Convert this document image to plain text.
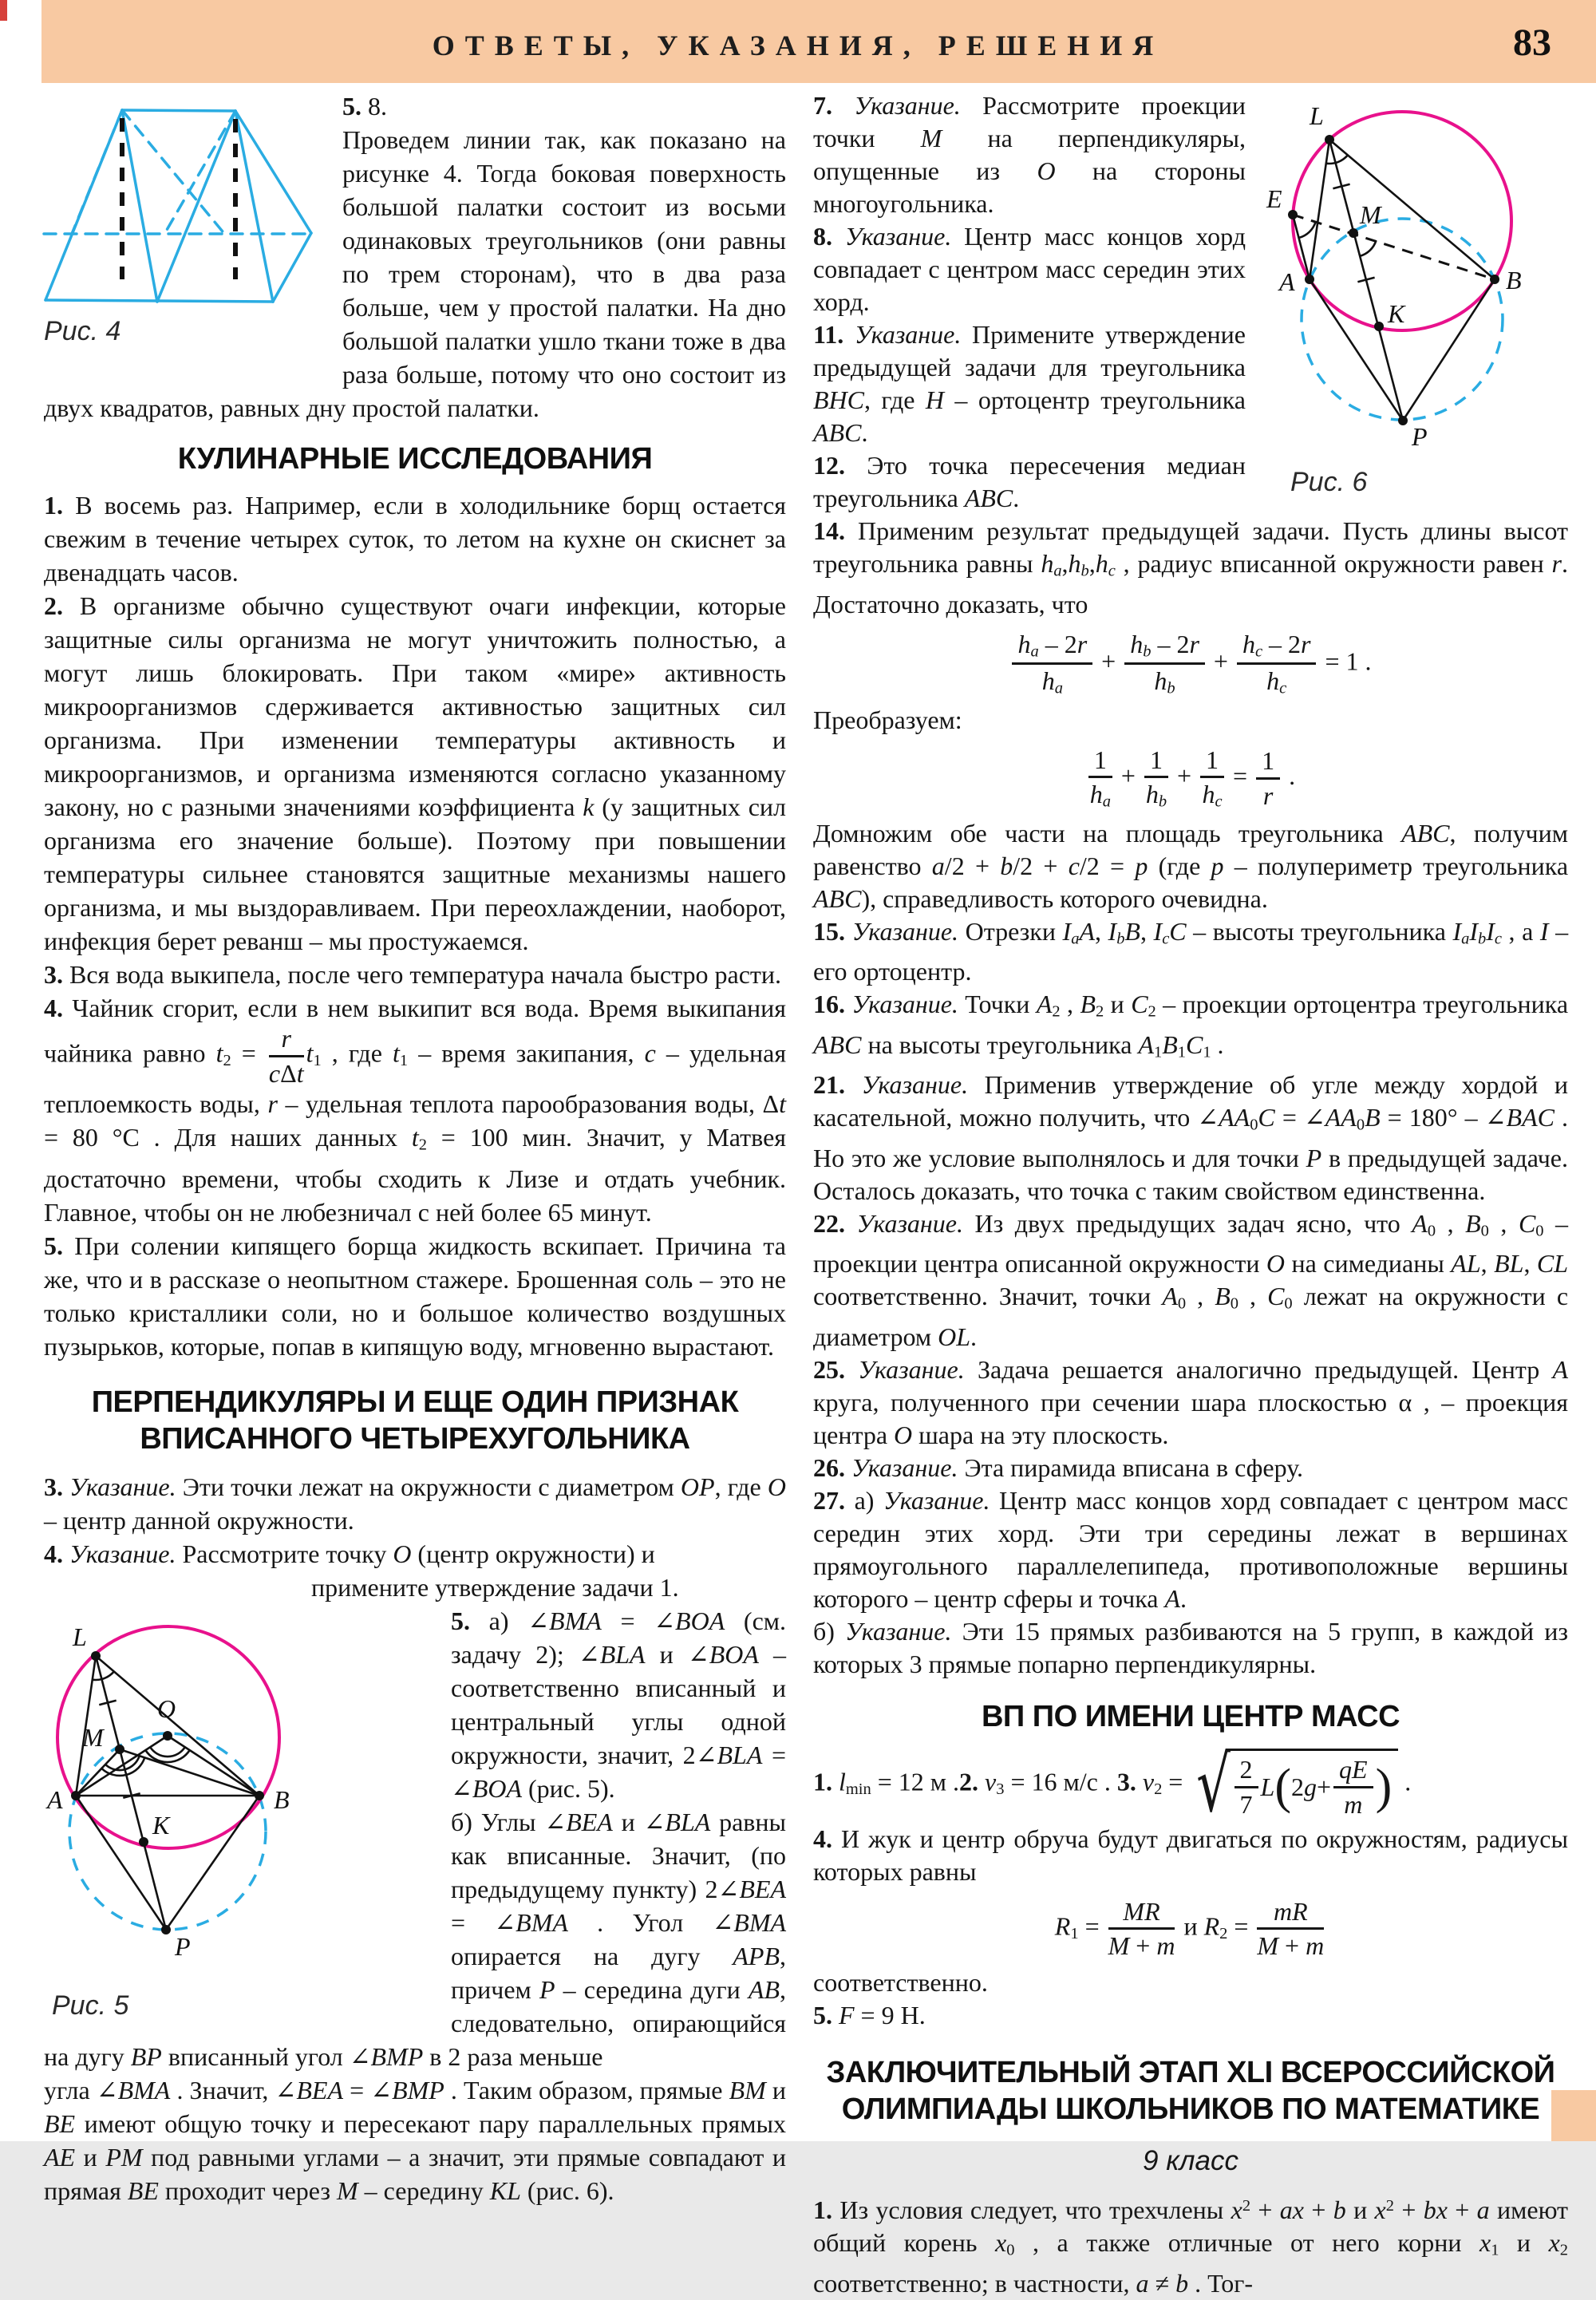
ОТВЕТЫ, УКАЗАНИЯ, РЕШЕНИЯ	83
Рис. 4

5. 8.

Проведем линии так, как показано на рисунке 4. Тогда боковая поверхность большой палатки состоит из восьми одинаковых треугольников (они равны по трем сторонам), что в два раза больше, чем у простой палатки. На дно большой палатки ушло ткани тоже в два раза больше, потому что оно состоит из двух квадратов, равных дну простой палатки.

КУЛИНАРНЫЕ ИССЛЕДОВАНИЯ

1. В восемь раз. Например, если в холодильнике борщ остается свежим в течение четырех суток, то летом на кухне он скиснет за двенадцать часов.

2. В организме обычно существуют очаги инфекции, которые защитные силы организма не могут уничтожить полностью, а могут лишь блокировать. При таком «мире» активность микроорганизмов сдерживается активностью защитных сил организма. При изменении температуры активность и микроорганизмов, и организма изменяются согласно указанному закону, но с разными значениями коэффициента k (у защитных сил организма его значение больше). Поэтому при повышении температуры сильнее становятся защитные механизмы нашего организма, и мы выздоравливаем. При переохлаждении, наоборот, инфекция берет реванш – мы простужаемся.

3. Вся вода выкипела, после чего температура начала быстро расти.

4. Чайник сгорит, если в нем выкипит вся вода. Время выкипания чайника равно $t2 = \frac{r}{\text{cΔt}} t1$ , где t1 – время закипания, c – удельная теплоемкость воды, r – удельная теплота парообразования воды, Δt = 80 °C . Для наших данных t2 = 100 мин. Значит, у Матвея достаточно времени, чтобы сходить к Лизе и отдать учебник. Главное, чтобы он не любезничал с ней более 65 минут.

5. При солении кипящего борща жидкость вскипает. Причина та же, что и в рассказе о неопытном стажере. Брошенная соль – это не только кристаллики соли, но и большое количество воздушных пузырьков, которые, попав в кипящую воду, мгновенно вырастают.

ПЕРПЕНДИКУЛЯРЫ И ЕЩЕ ОДИН ПРИЗНАК
ВПИСАННОГО ЧЕТЫРЕХУГОЛЬНИКА

3. Указание. Эти точки лежат на окружности с диаметром OP, где O – центр данной окружности.

4. Указание. Рассмотрите точку O (центр окружности) и

примените утверждение задачи 1.

L
A	B
O
M
K
P
Рис. 5

5. а) ∠BMA = ∠BOA (см. задачу 2); ∠BLA и ∠BOA – соответственно вписанный и центральный углы одной окружности, значит, 2∠BLA = ∠BOA (рис. 5).

б) Углы ∠BEA и ∠BLA равны как вписанные. Значит, (по предыдущему пункту) 2∠BEA = ∠BMA . Угол ∠BMA опирается на дугу APB, причем P – середина дуги AB, следовательно, опирающийся на дугу BP вписанный угол ∠BMP в 2 раза меньше

угла ∠BMA . Значит, ∠BEA = ∠BMP . Таким образом, прямые BM и BE имеют общую точку и пересекают пару параллельных прямых AE и PM под равными углами – а значит, эти прямые совпадают и прямая BE проходит через M – середину KL (рис. 6).

L
E
M
A	B
K
P
Рис. 6

7. Указание. Рассмотрите проекции точки M на перпендикуляры, опущенные из O на стороны многоугольника.

8. Указание. Центр масс концов хорд совпадает с центром масс середин этих хорд.

11. Указание. Примените утверждение предыдущей задачи для треугольника BHC, где H – ортоцентр треугольника ABC.

12. Это точка пересечения медиан треугольника ABC.

14. Применим результат предыдущей задачи. Пусть длины высот треугольника равны ha,hb,hc , радиус вписанной окружности равен r. Достаточно доказать, что

$\frac{ha - 2r}{ha} + \frac{hb - 2r}{hb} + \frac{hc - 2r}{hc} = 1$ .

Преобразуем:

$\frac{1}{ha} + \frac{1}{hb} + \frac{1}{hc} = \frac{1}{r}$ .

Домножим обе части на площадь треугольника ABC, получим равенство a/2 + b/2 + c/2 = p (где p – полупериметр треугольника ABC), справедливость которого очевидна.

15. Указание. Отрезки IaA, IbB, IcC – высоты треугольника IaIbIc , а I – его ортоцентр.

16. Указание. Точки A2 , B2 и C2 – проекции ортоцентра треугольника ABC на высоты треугольника A1B1C1 .

21. Указание. Применив утверждение об угле между хордой и касательной, можно получить, что ∠AA0C = ∠AA0B = 180° – ∠BAC . Но это же условие выполнялось и для точки P в предыдущей задаче. Осталось доказать, что точка с таким свойством единственна.

22. Указание. Из двух предыдущих задач ясно, что A0 , B0 , C0 – проекции центра описанной окружности O на симедианы AL, BL, CL соответственно. Значит, точки A0 , B0 , C0 лежат на окружности с диаметром OL.

25. Указание. Задача решается аналогично предыдущей. Центр A круга, полученного при сечении шара плоскостью α , – проекция центра O шара на эту плоскость.

26. Указание. Эта пирамида вписана в сферу.

27. а) Указание. Центр масс концов хорд совпадает с центром масс середин этих хорд. Эти три середины лежат в вершинах прямоугольного параллелепипеда, противоположные вершины которого – центр сферы и точка A.

б) Указание. Эти 15 прямых разбиваются на 5 групп, в каждой из которых 3 прямые попарно перпендикулярны.

ВП ПО ИМЕНИ ЦЕНТР МАСС

1. lmin = 12 м .2. v3 = 16 м/с . 3. v2 = √ $\frac{2}{7}$ L ( 2 $g + \frac{qE}{m}$ ) .

4. И жук и центр обруча будут двигаться по окружностям, радиусы которых равны

$R1 = \frac{MR}{M + m}$ и $R2 = \frac{mR}{M + m}$

соответственно.

5. F = 9 Н.

ЗАКЛЮЧИТЕЛЬНЫЙ ЭТАП XLI ВСЕРОССИЙСКОЙ
ОЛИМПИАДЫ ШКОЛЬНИКОВ ПО МАТЕМАТИКЕ
9 класс

1. Из условия следует, что трехчлены $x^2$ + ax + b и $x^2$ + bx + a имеют общий корень x0 , а также отличные от него корни x1 и x2 соответственно; в частности, a ≠ b . Тог-
